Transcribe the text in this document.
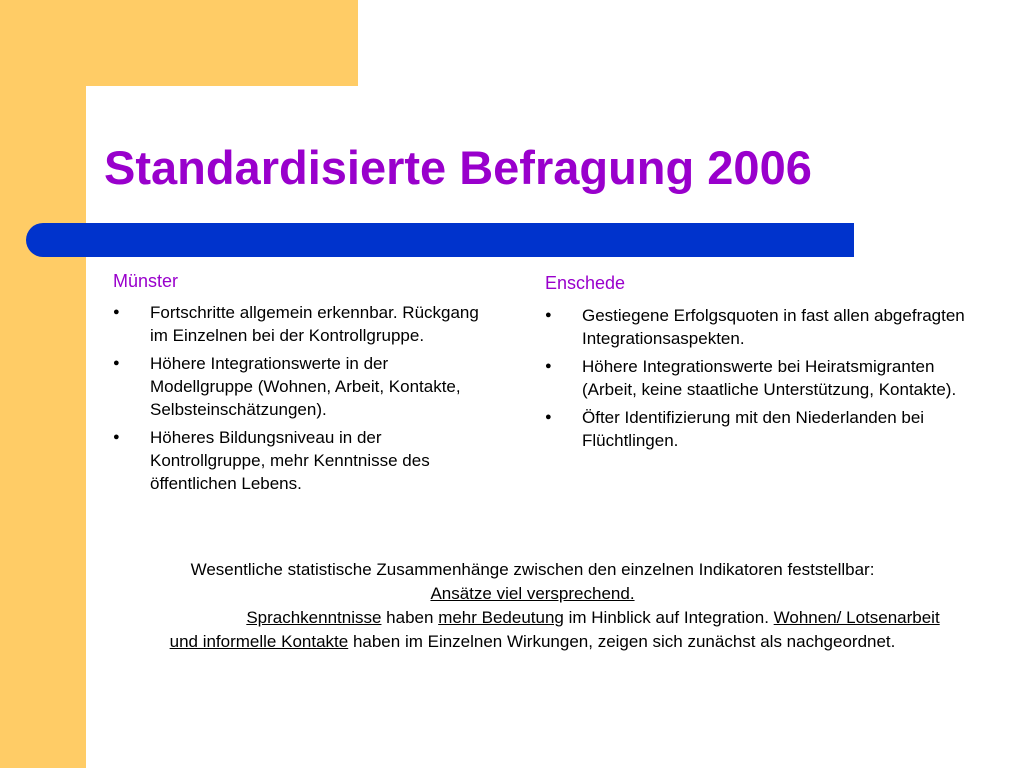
Standardisierte Befragung 2006
Münster
● Fortschritte allgemein erkennbar. Rückgang im Einzelnen bei der Kontrollgruppe.
● Höhere Integrationswerte in der Modellgruppe (Wohnen, Arbeit, Kontakte, Selbsteinschätzungen).
● Höheres Bildungsniveau in der Kontrollgruppe, mehr Kenntnisse des öffentlichen Lebens.
Enschede
● Gestiegene Erfolgsquoten in fast allen abgefragten Integrationsaspekten.
● Höhere Integrationswerte bei Heiratsmigranten (Arbeit, keine staatliche Unterstützung, Kontakte).
● Öfter Identifizierung mit den Niederlanden bei Flüchtlingen.
Wesentliche statistische Zusammenhänge zwischen den einzelnen Indikatoren feststellbar:
Ansätze viel versprechend.
Sprachkenntnisse haben mehr Bedeutung im Hinblick auf Integration. Wohnen/ Lotsenarbeit und informelle Kontakte haben im Einzelnen Wirkungen, zeigen sich zunächst als nachgeordnet.
